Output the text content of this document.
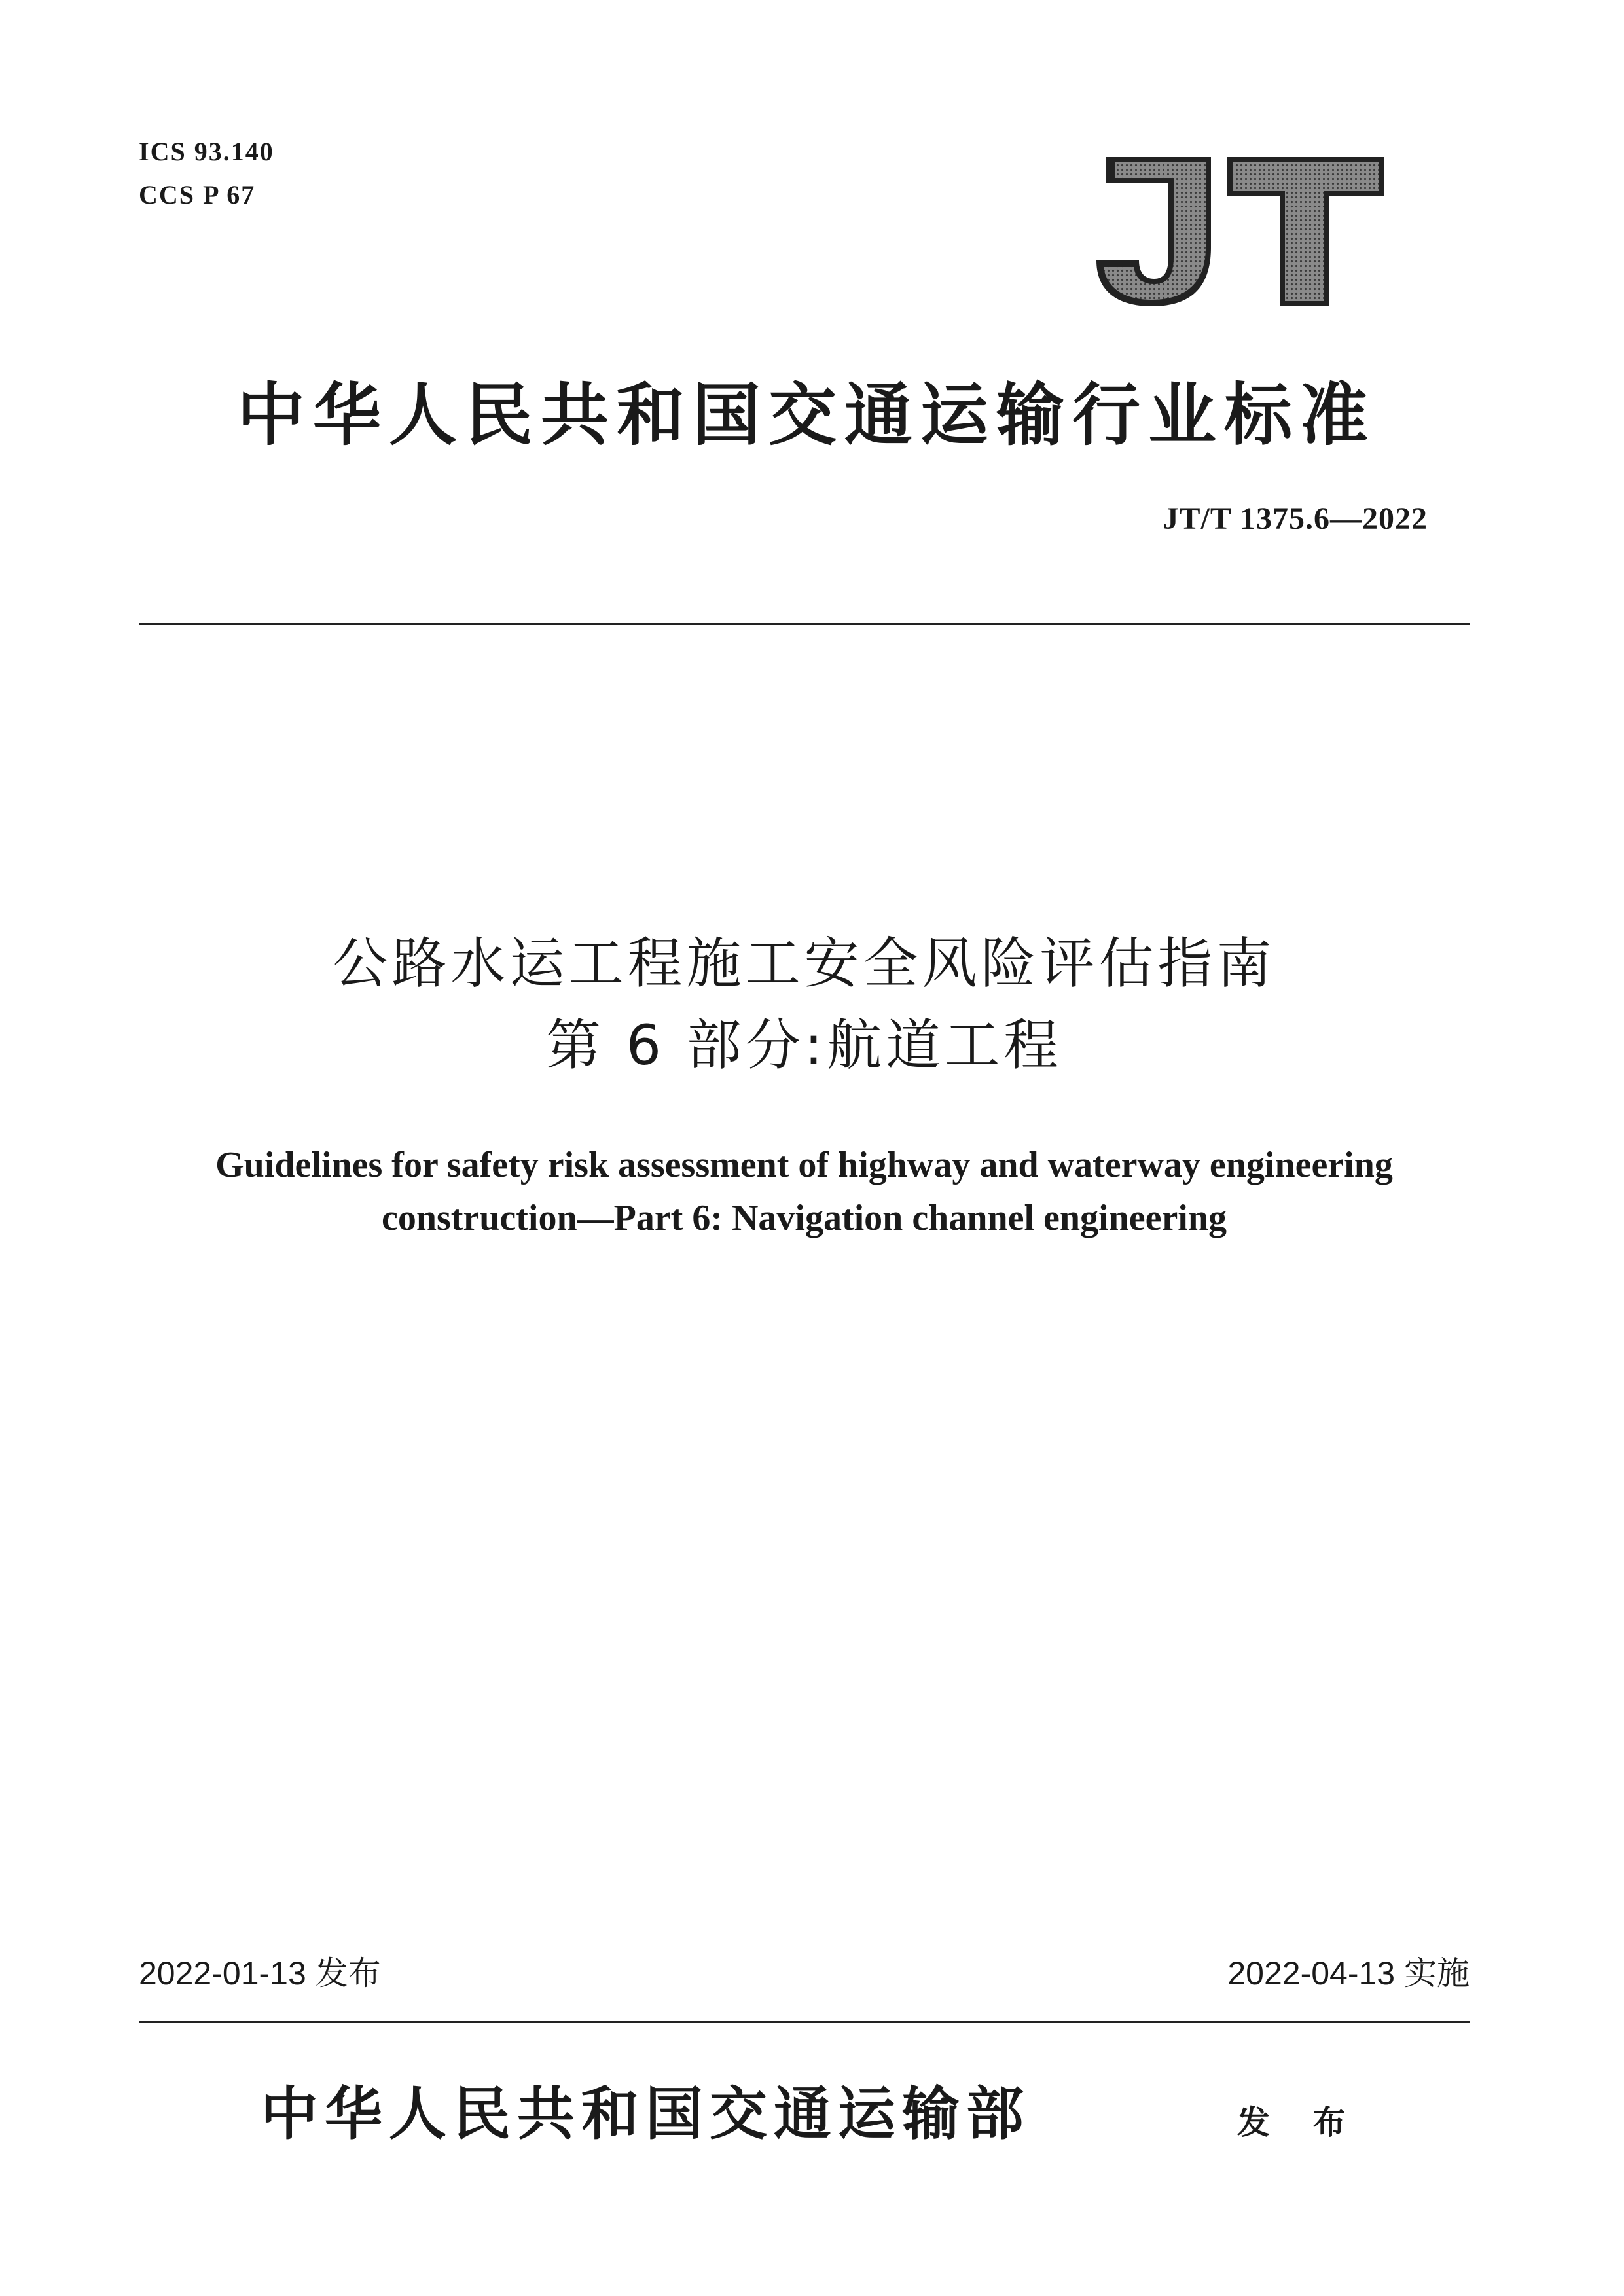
ICS 93.140
CCS P 67
中华人民共和国交通运输行业标准
JT/T 1375.6—2022
公路水运工程施工安全风险评估指南
第 6 部分:航道工程
Guidelines for safety risk assessment of highway and waterway engineering
construction—Part 6: Navigation channel engineering
2022-01-13 发布	2022-04-13 实施
中华人民共和国交通运输部	发 布
